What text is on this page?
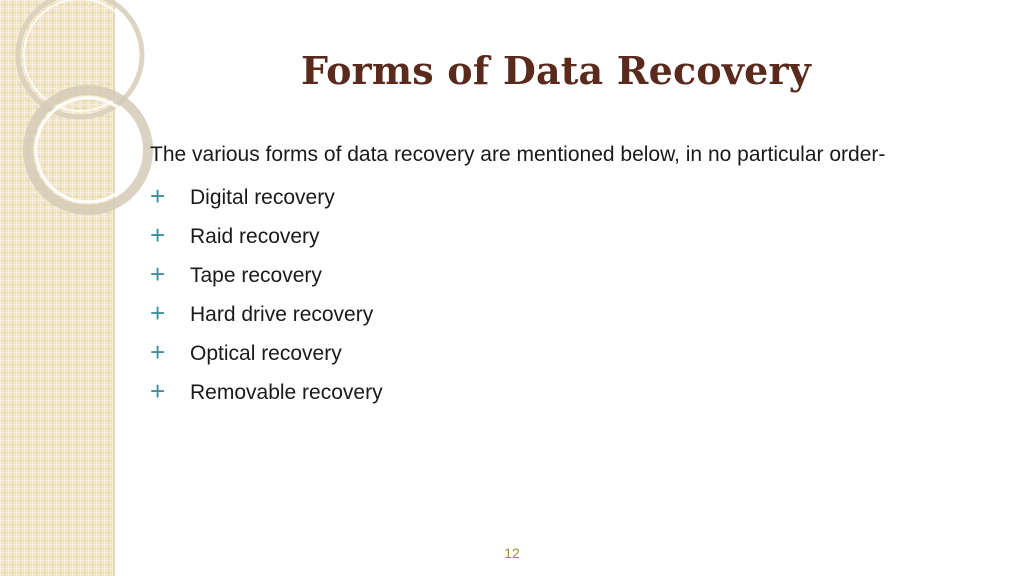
Forms of Data Recovery

The various forms of data recovery are mentioned below, in no particular order-

+	Digital recovery
+	Raid recovery
+	Tape recovery
+	Hard drive recovery
+	Optical recovery
+	Removable recovery
12
